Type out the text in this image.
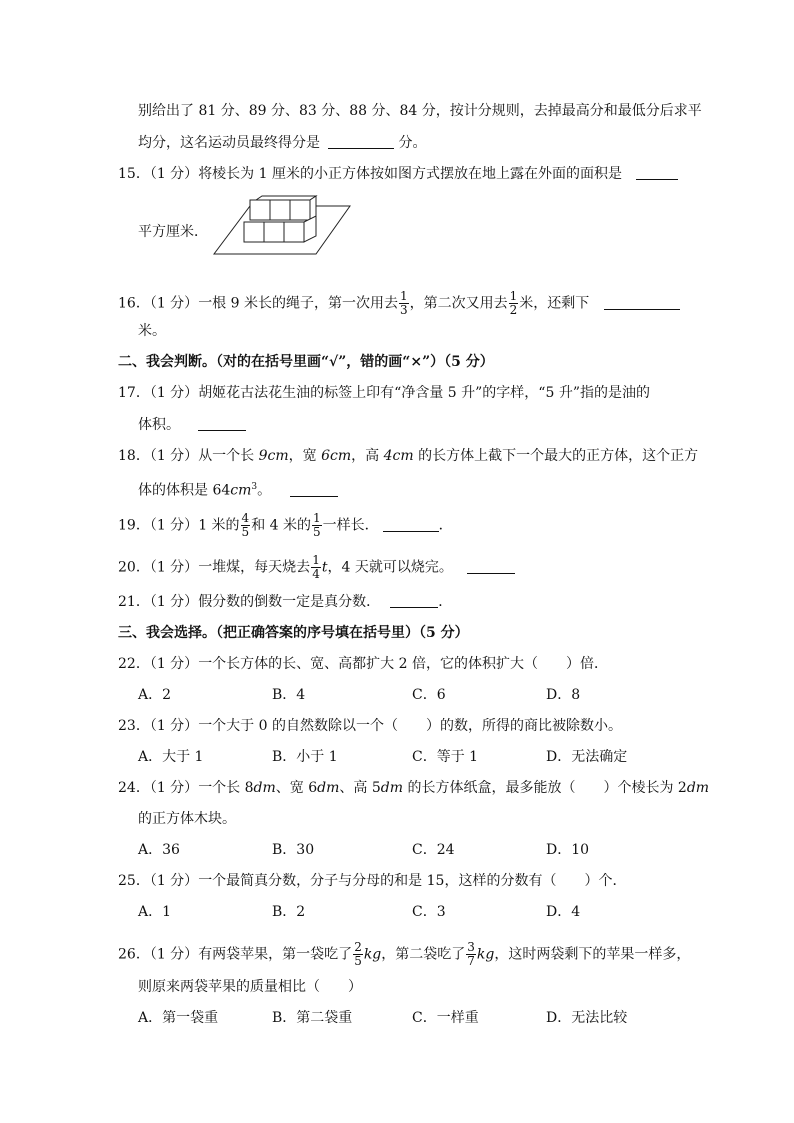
别给出了 81 分、89 分、83 分、88 分、84 分，按计分规则，去掉最高分和最低分后求平
均分，这名运动员最终得分是	分。
15．（1 分）将棱长为 1 厘米的小正方体按如图方式摆放在地上露在外面的面积是
平方厘米．
16．（1 分）一根 9 米长的绳子，第一次用去 $\frac{1}{3}$ ，第二次又用去 $\frac{1}{2}$ 米，还剩下
米。
二、我会判断。（对的在括号里画“√”，错的画“×”）（5 分）
17．（1 分）胡姬花古法花生油的标签上印有“净含量 5 升”的字样，“5 升”指的是油的
体积。
18．（1 分）从一个长 9cm，宽 6cm，高 4cm 的长方体上截下一个最大的正方体，这个正方
体的体积是 $64cm^3$。
19．（1 分）1 米的 $\frac{4}{5}$ 和 4 米的 $\frac{1}{5}$ 一样长．	．
20．（1 分）一堆煤，每天烧去 $\frac{1}{4}$ t，4 天就可以烧完。
21．（1 分）假分数的倒数一定是真分数．	．
三、我会选择。（把正确答案的序号填在括号里）（5 分）
22．（1 分）一个长方体的长、宽、高都扩大 2 倍，它的体积扩大（　　）倍．
A．2	B．4	C．6	D．8
23．（1 分）一个大于 0 的自然数除以一个（　　）的数，所得的商比被除数小。
A．大于 1	B．小于 1	C．等于 1	D．无法确定
24．（1 分）一个长 8dm、宽 6dm、高 5dm 的长方体纸盒，最多能放（　　）个棱长为 2dm
的正方体木块。
A．36	B．30	C．24	D．10
25．（1 分）一个最简真分数，分子与分母的和是 15，这样的分数有（　　）个．
A．1	B．2	C．3	D．4
26．（1 分）有两袋苹果，第一袋吃了 $\frac{2}{5}$ kg，第二袋吃了 $\frac{3}{7}$ kg，这时两袋剩下的苹果一样多，
则原来两袋苹果的质量相比（　　）
A．第一袋重	B．第二袋重	C．一样重	D．无法比较
